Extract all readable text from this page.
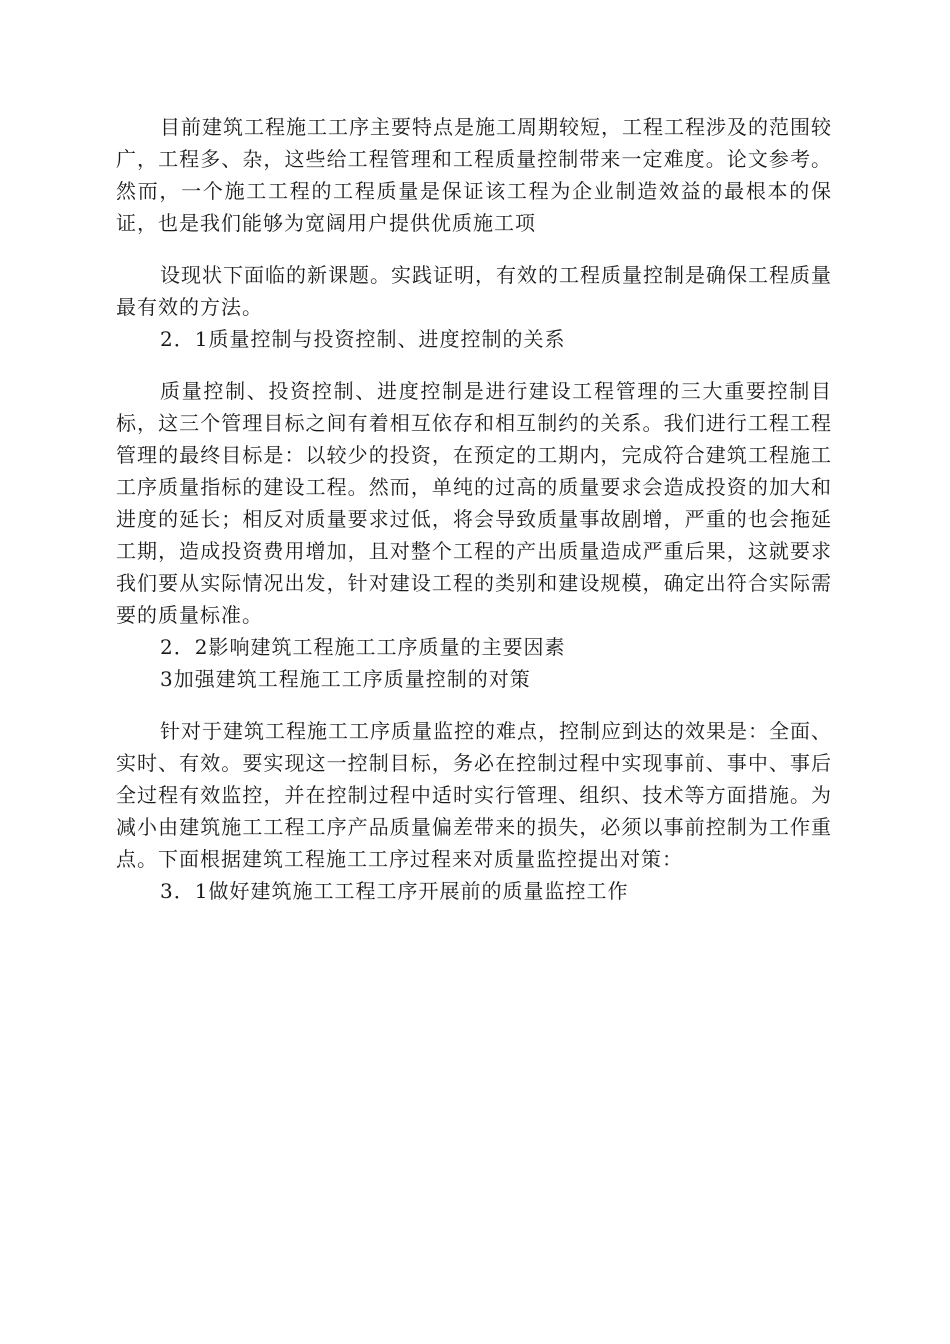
目前建筑工程施工工序主要特点是施工周期较短，工程工程涉及的范围较广，工程多、杂，这些给工程管理和工程质量控制带来一定难度。论文参考。然而，一个施工工程的工程质量是保证该工程为企业制造效益的最根本的保证，也是我们能够为宽阔用户提供优质施工项

设现状下面临的新课题。实践证明，有效的工程质量控制是确保工程质量最有效的方法。

2．1质量控制与投资控制、进度控制的关系

质量控制、投资控制、进度控制是进行建设工程管理的三大重要控制目标，这三个管理目标之间有着相互依存和相互制约的关系。我们进行工程工程管理的最终目标是：以较少的投资，在预定的工期内，完成符合建筑工程施工工序质量指标的建设工程。然而，单纯的过高的质量要求会造成投资的加大和进度的延长；相反对质量要求过低，将会导致质量事故剧增，严重的也会拖延工期，造成投资费用增加，且对整个工程的产出质量造成严重后果，这就要求我们要从实际情况出发，针对建设工程的类别和建设规模，确定出符合实际需要的质量标准。

2．2影响建筑工程施工工序质量的主要因素

3加强建筑工程施工工序质量控制的对策

针对于建筑工程施工工序质量监控的难点，控制应到达的效果是：全面、实时、有效。要实现这一控制目标，务必在控制过程中实现事前、事中、事后全过程有效监控，并在控制过程中适时实行管理、组织、技术等方面措施。为减小由建筑施工工程工序产品质量偏差带来的损失，必须以事前控制为工作重点。下面根据建筑工程施工工序过程来对质量监控提出对策：

3．1做好建筑施工工程工序开展前的质量监控工作
